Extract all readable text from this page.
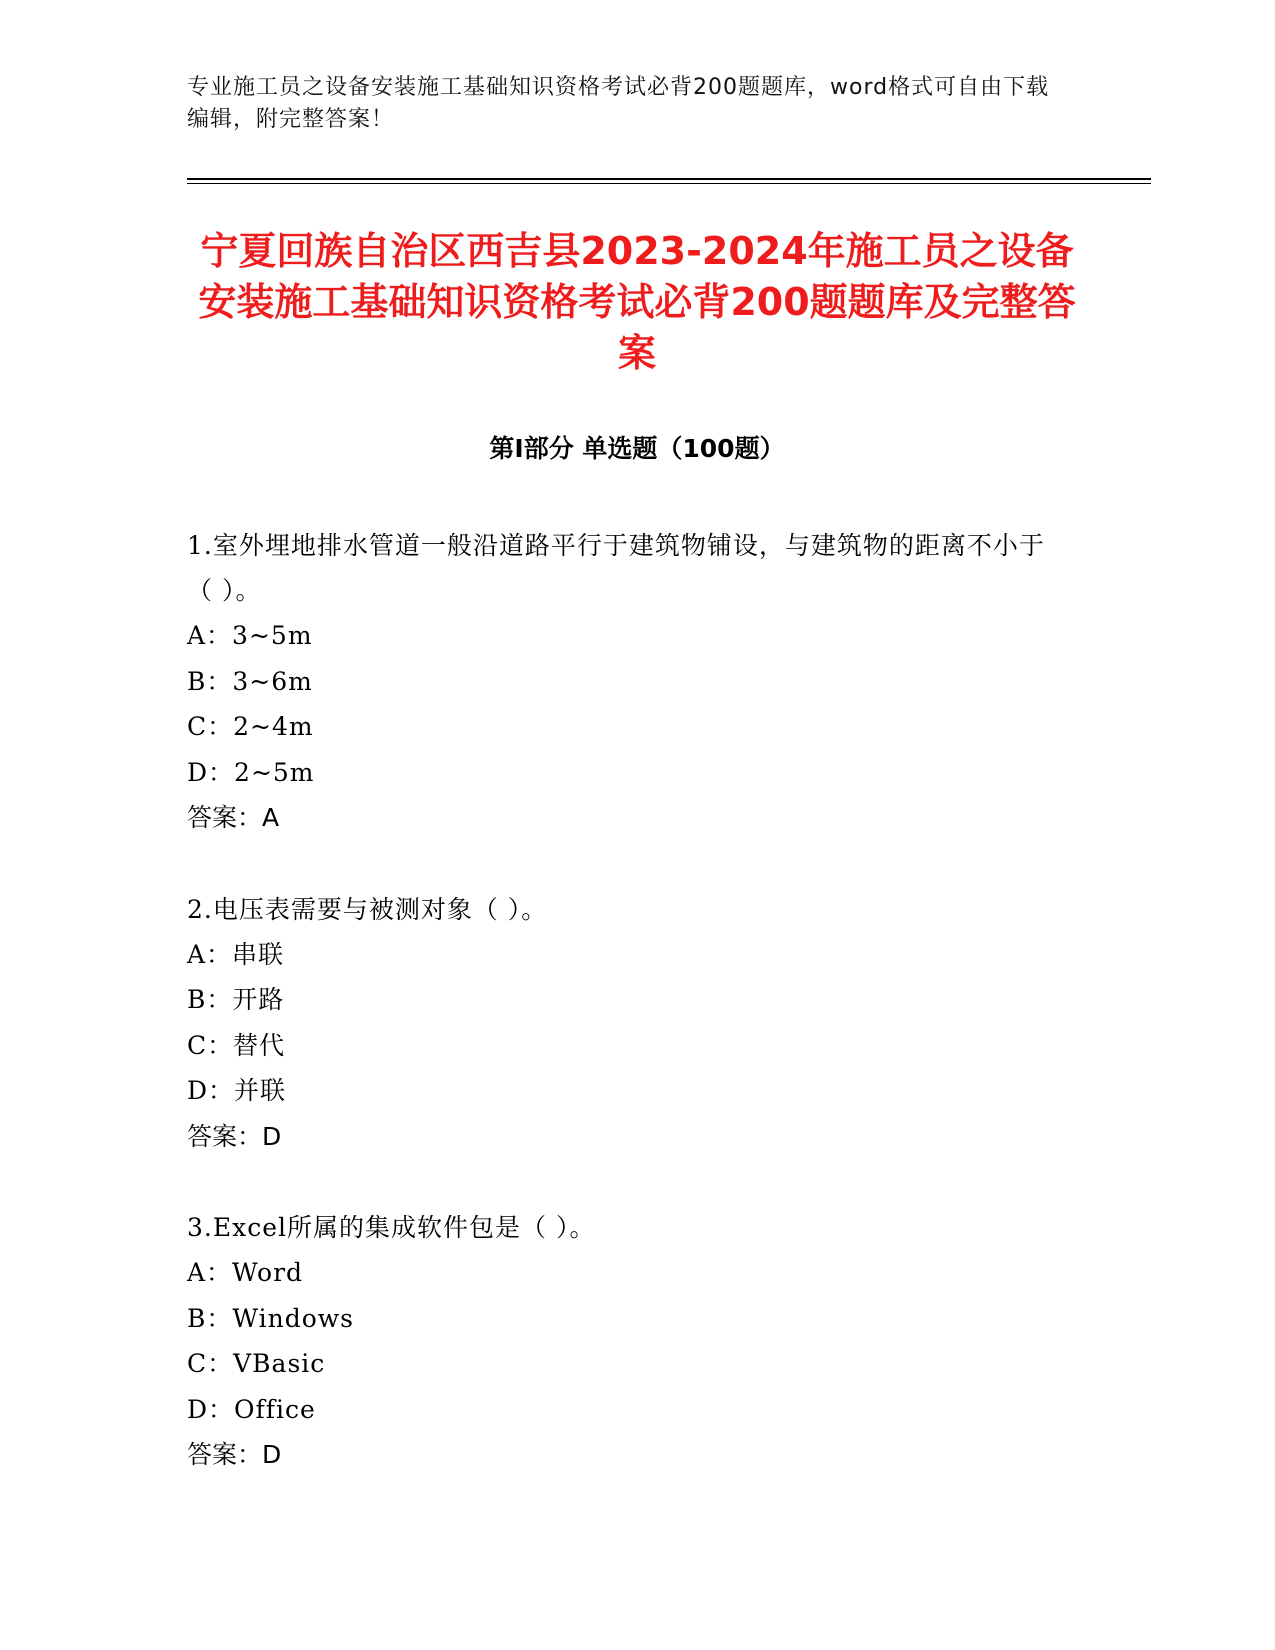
专业施工员之设备安装施工基础知识资格考试必背200题题库，word格式可自由下载编辑，附完整答案！
宁夏回族自治区西吉县2023-2024年施工员之设备安装施工基础知识资格考试必背200题题库及完整答案
第Ⅰ部分 单选题（100题）
1.室外埋地排水管道一般沿道路平行于建筑物铺设，与建筑物的距离不小于（ ）。
A：3~5m
B：3~6m
C：2~4m
D：2~5m
答案：A
2.电压表需要与被测对象（ ）。
A：串联
B：开路
C：替代
D：并联
答案：D
3.Excel所属的集成软件包是（ ）。
A：Word
B：Windows
C：VBasic
D：Office
答案：D
